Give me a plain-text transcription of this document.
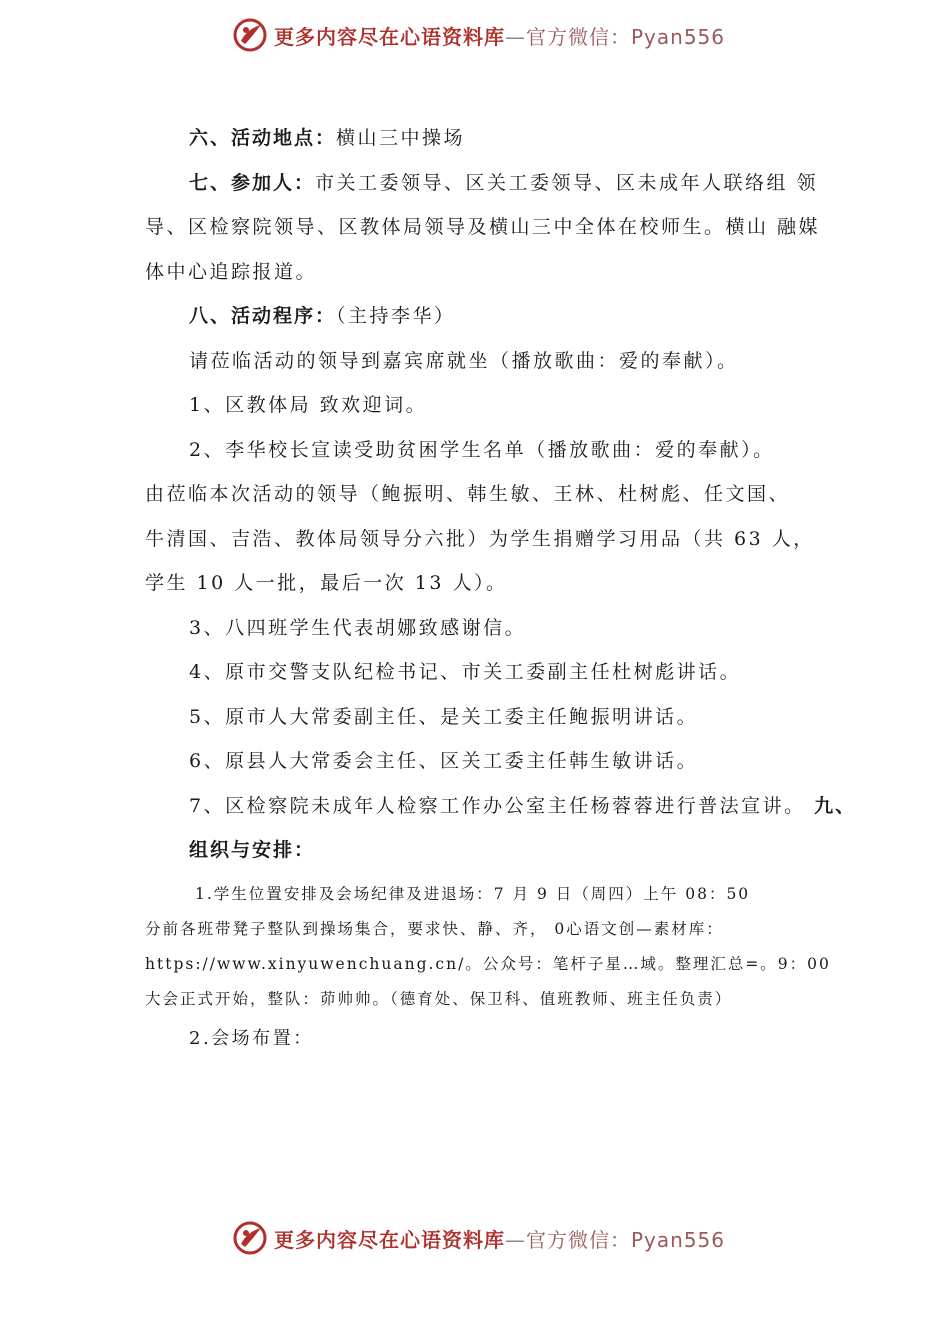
更多内容尽在心语资料库—官方微信：Pyan556

六、活动地点：横山三中操场

七、参加人：市关工委领导、区关工委领导、区未成年人联络组 领

导、区检察院领导、区教体局领导及横山三中全体在校师生。横山 融媒

体中心追踪报道。

八、活动程序：（主持李华）

请莅临活动的领导到嘉宾席就坐（播放歌曲：爱的奉献）。

1、区教体局 致欢迎词。

2、李华校长宣读受助贫困学生名单（播放歌曲：爱的奉献）。

由莅临本次活动的领导（鲍振明、韩生敏、王林、杜树彪、任文国、

牛清国、吉浩、教体局领导分六批）为学生捐赠学习用品（共 63 人，

学生 10 人一批，最后一次 13 人）。

3、八四班学生代表胡娜致感谢信。

4、原市交警支队纪检书记、市关工委副主任杜树彪讲话。

5、原市人大常委副主任、是关工委主任鲍振明讲话。

6、原县人大常委会主任、区关工委主任韩生敏讲话。

7、区检察院未成年人检察工作办公室主任杨蓉蓉进行普法宣讲。 九、

组织与安排：

1.学生位置安排及会场纪律及进退场：7 月 9 日（周四）上午 08：50

分前各班带凳子整队到操场集合，要求快、静、齐， 0心语文创—素材库：

https://www.xinyuwenchuang.cn/。公众号：笔杆子星…域。整理汇总=。9：00

大会正式开始，整队：茆帅帅。（德育处、保卫科、值班教师、班主任负责）

2.会场布置：

更多内容尽在心语资料库—官方微信：Pyan556
